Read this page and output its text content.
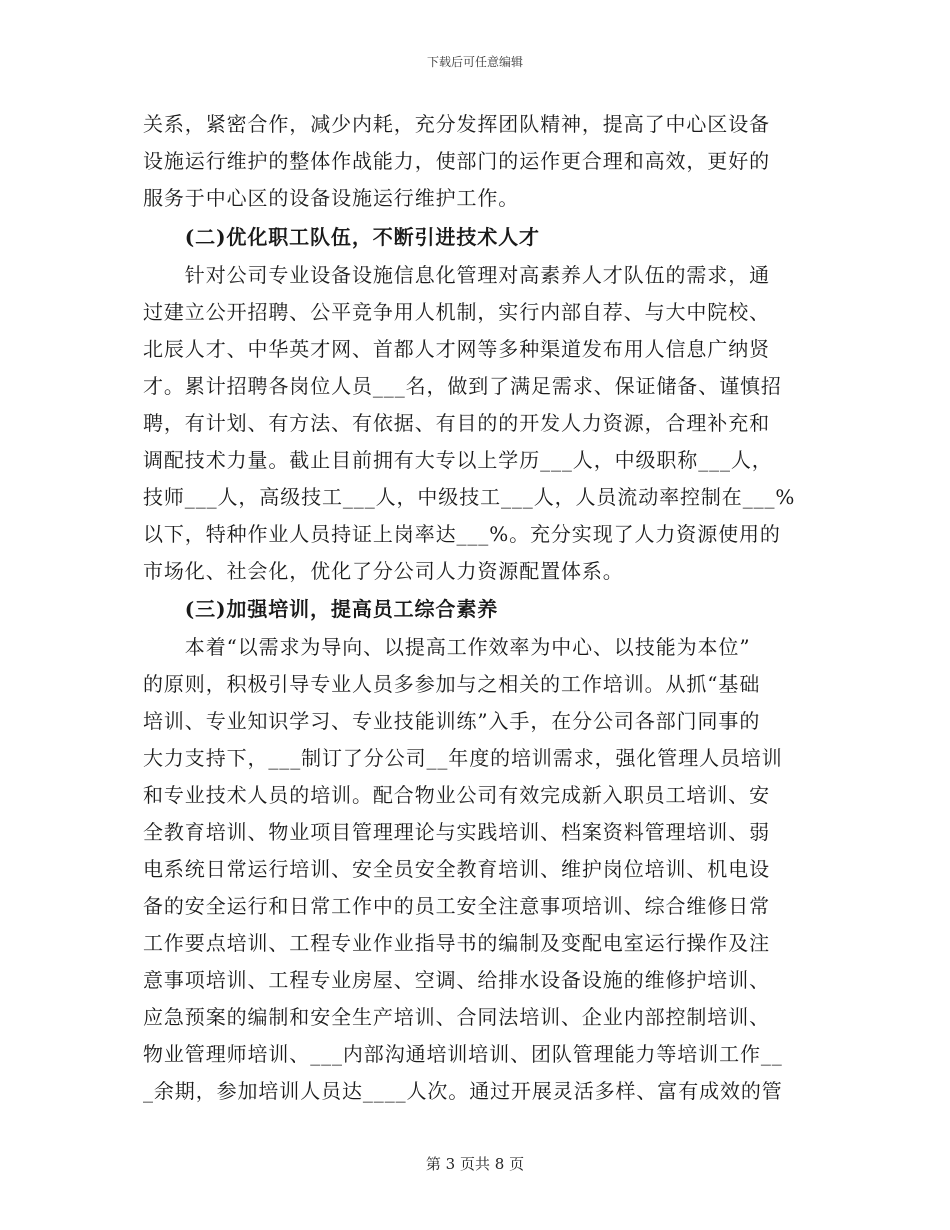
下载后可任意编辑
关系，紧密合作，减少内耗，充分发挥团队精神，提高了中心区设备
设施运行维护的整体作战能力，使部门的运作更合理和高效，更好的
服务于中心区的设备设施运行维护工作。
　　(二)优化职工队伍，不断引进技术人才
　　针对公司专业设备设施信息化管理对高素养人才队伍的需求，通
过建立公开招聘、公平竞争用人机制，实行内部自荐、与大中院校、
北辰人才、中华英才网、首都人才网等多种渠道发布用人信息广纳贤
才。累计招聘各岗位人员___名，做到了满足需求、保证储备、谨慎招
聘，有计划、有方法、有依据、有目的的开发人力资源，合理补充和
调配技术力量。截止目前拥有大专以上学历___人，中级职称___人，
技师___人，高级技工___人，中级技工___人，人员流动率控制在___%
以下，特种作业人员持证上岗率达___%。充分实现了人力资源使用的
市场化、社会化，优化了分公司人力资源配置体系。
　　(三)加强培训，提高员工综合素养
　　本着“以需求为导向、以提高工作效率为中心、以技能为本位”
的原则，积极引导专业人员多参加与之相关的工作培训。从抓“基础
培训、专业知识学习、专业技能训练”入手，在分公司各部门同事的
大力支持下，___制订了分公司__年度的培训需求，强化管理人员培训
和专业技术人员的培训。配合物业公司有效完成新入职员工培训、安
全教育培训、物业项目管理理论与实践培训、档案资料管理培训、弱
电系统日常运行培训、安全员安全教育培训、维护岗位培训、机电设
备的安全运行和日常工作中的员工安全注意事项培训、综合维修日常
工作要点培训、工程专业作业指导书的编制及变配电室运行操作及注
意事项培训、工程专业房屋、空调、给排水设备设施的维修护培训、
应急预案的编制和安全生产培训、合同法培训、企业内部控制培训、
物业管理师培训、___内部沟通培训培训、团队管理能力等培训工作__
_余期，参加培训人员达____人次。通过开展灵活多样、富有成效的管
第 3 页共 8 页
